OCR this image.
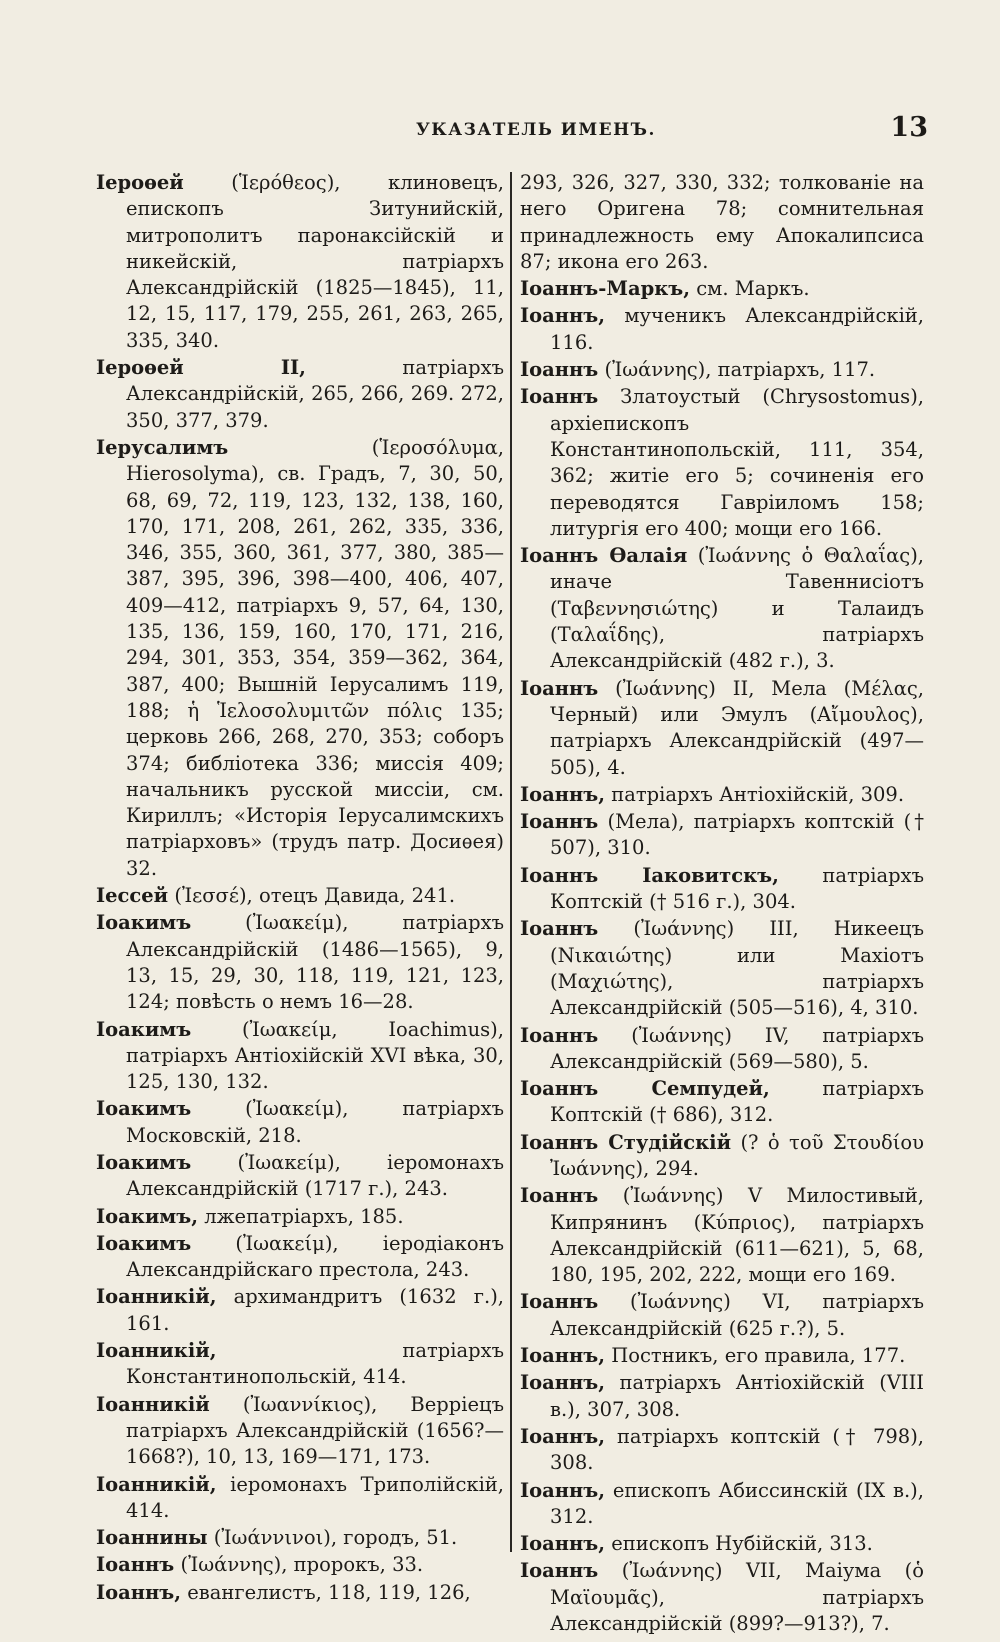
УКАЗАТЕЛЬ ИМЕНЪ.	13

Іероѳей (Ἱερόθεος), клиновецъ, епископъ Зитунийскій, митрополитъ паронаксійскій и никейскій, патріархъ Александрійскій (1825—1845), 11, 12, 15, 117, 179, 255, 261, 263, 265, 335, 340.

Іероѳей II, патріархъ Александрійскій, 265, 266, 269. 272, 350, 377, 379.

Іерусалимъ (Ἱεροσόλυμα, Hierosolyma), св. Градъ, 7, 30, 50, 68, 69, 72, 119, 123, 132, 138, 160, 170, 171, 208, 261, 262, 335, 336, 346, 355, 360, 361, 377, 380, 385—387, 395, 396, 398—400, 406, 407, 409—412, патріархъ 9, 57, 64, 130, 135, 136, 159, 160, 170, 171, 216, 294, 301, 353, 354, 359—362, 364, 387, 400; Вышній Іерусалимъ 119, 188; ἡ Ἱελοσολυμιτῶν πόλις 135; церковь 266, 268, 270, 353; соборъ 374; библіотека 336; миссія 409; начальникъ русской миссіи, см. Кириллъ; «Исторія Іерусалимскихъ патріарховъ» (трудъ патр. Досиѳея) 32.

Іессей (Ἰεσσέ), отецъ Давида, 241.

Іоакимъ (Ἰωακείμ), патріархъ Александрійскій (1486—1565), 9, 13, 15, 29, 30, 118, 119, 121, 123, 124; повѣсть о немъ 16—28.

Іоакимъ (Ἰωακείμ, Ioachimus), патріархъ Антіохійскій XVI вѣка, 30, 125, 130, 132.

Іоакимъ (Ἰωακείμ), патріархъ Московскій, 218.

Іоакимъ (Ἰωακείμ), іеромонахъ Александрійскій (1717 г.), 243.

Іоакимъ, лжепатріархъ, 185.

Іоакимъ (Ἰωακείμ), іеродіаконъ Александрійскаго престола, 243.

Іоанникій, архимандритъ (1632 г.), 161.

Іоанникій, патріархъ Константинопольскій, 414.

Іоанникій (Ἰωαννίκιος), Верріецъ патріархъ Александрійскій (1656?—1668?), 10, 13, 169—171, 173.

Іоанникій, іеромонахъ Триполійскій, 414.

Іоаннины (Ἰωάννινοι), городъ, 51.

Іоаннъ (Ἰωάννης), пророкъ, 33.

Іоаннъ, евангелистъ, 118, 119, 126,

293, 326, 327, 330, 332; толкованіе на него Оригена 78; сомнительная принадлежность ему Апокалипсиса 87; икона его 263.

Іоаннъ-Маркъ, см. Маркъ.

Іоаннъ, мученикъ Александрійскій, 116.

Іоаннъ (Ἰωάννης), патріархъ, 117.

Іоаннъ Златоустый (Chrysostomus), архіепископъ Константинопольскій, 111, 354, 362; житіе его 5; сочиненія его переводятся Гавріиломъ 158; литургія его 400; мощи его 166.

Іоаннъ Ѳалаія (Ἰωάννης ὁ Θαλαΐας), иначе Тавеннисіотъ (Ταβεννησιώτης) и Талаидъ (Ταλαΐδης), патріархъ Александрійскій (482 г.), 3.

Іоаннъ (Ἰωάννης) II, Мела (Μέλας, Черный) или Эмулъ (Αἴμουλος), патріархъ Александрійскій (497—505), 4.

Іоаннъ, патріархъ Антіохійскій, 309.

Іоаннъ (Мела), патріархъ коптскій († 507), 310.

Іоаннъ Іаковитскъ, патріархъ Коптскій († 516 г.), 304.

Іоаннъ (Ἰωάννης) III, Никеецъ (Νικαιώτης) или Махіотъ (Μαχιώτης), патріархъ Александрійскій (505—516), 4, 310.

Іоаннъ (Ἰωάννης) IV, патріархъ Александрійскій (569—580), 5.

Іоаннъ Семпудей, патріархъ Коптскій († 686), 312.

Іоаннъ Студійскій (? ὁ τοῦ Στουδίου Ἰωάννης), 294.

Іоаннъ (Ἰωάννης) V Милостивый, Кипрянинъ (Κύπριος), патріархъ Александрійскій (611—621), 5, 68, 180, 195, 202, 222, мощи его 169.

Іоаннъ (Ἰωάννης) VI, патріархъ Александрійскій (625 г.?), 5.

Іоаннъ, Постникъ, его правила, 177.

Іоаннъ, патріархъ Антіохійскій (VIII в.), 307, 308.

Іоаннъ, патріархъ коптскій († 798), 308.

Іоаннъ, епископъ Абиссинскій (IX в.), 312.

Іоаннъ, епископъ Нубійскій, 313.

Іоаннъ (Ἰωάννης) VII, Маіума (ὁ Μαϊουμᾶς), патріархъ Александрійскій (899?—913?), 7.
